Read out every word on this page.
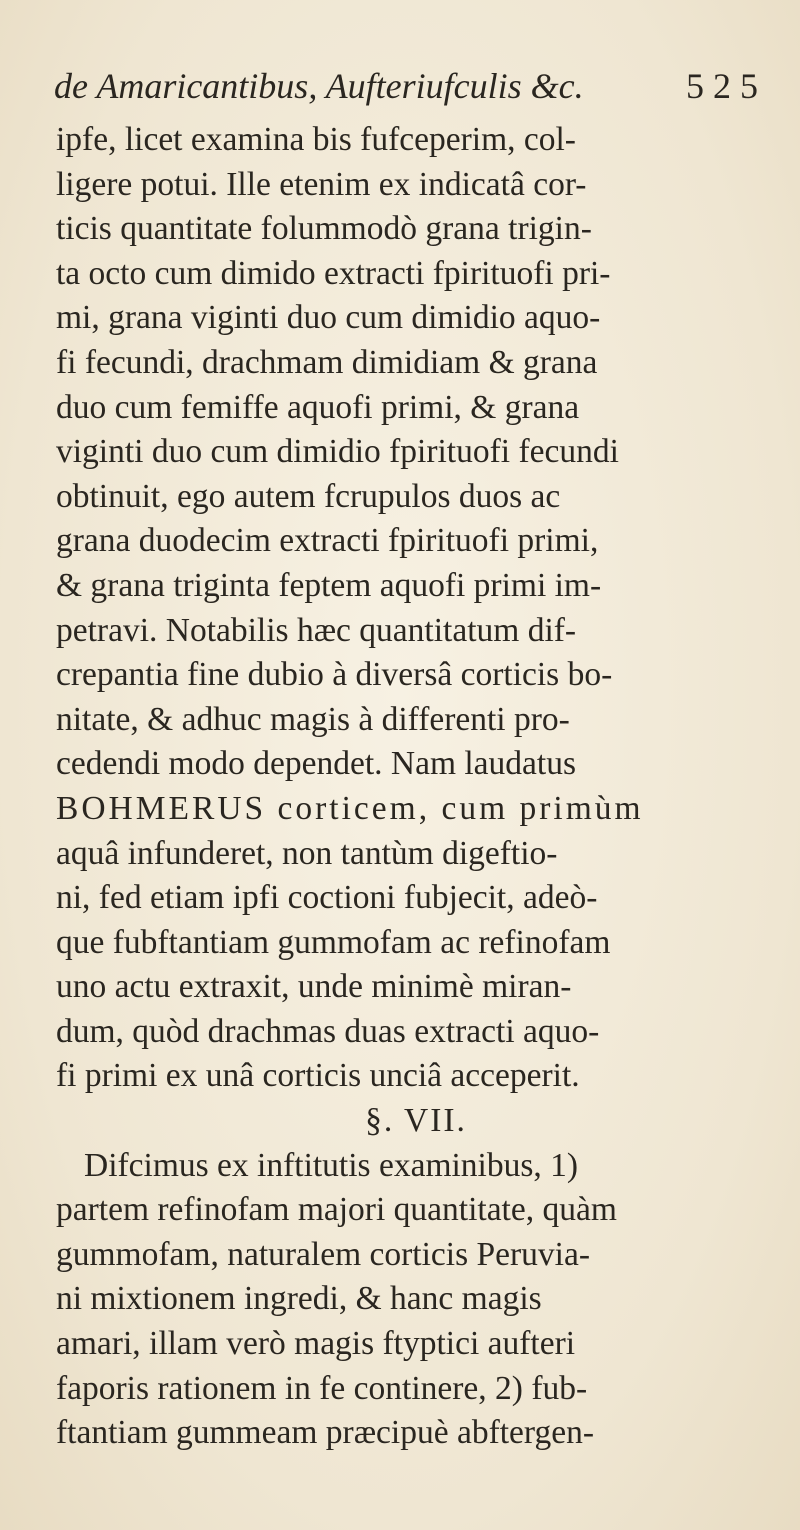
de Amaricantibus, Aufteriufculis &c.	5 2 5
ipfe, licet examina bis fufceperim, col-
ligere potui. Ille etenim ex indicatâ cor-
ticis quantitate folummodò grana trigin-
ta octo cum dimido extracti fpirituofi pri-
mi, grana viginti duo cum dimidio aquo-
fi fecundi, drachmam dimidiam & grana
duo cum femiffe aquofi primi, & grana
viginti duo cum dimidio fpirituofi fecundi
obtinuit, ego autem fcrupulos duos ac
grana duodecim extracti fpirituofi primi,
& grana triginta feptem aquofi primi im-
petravi. Notabilis hæc quantitatum dif-
crepantia fine dubio à diversâ corticis bo-
nitate, & adhuc magis à differenti pro-
cedendi modo dependet. Nam laudatus
BOHMERUS corticem, cum primùm
aquâ infunderet, non tantùm digeftio-
ni, fed etiam ipfi coctioni fubjecit, adeò-
que fubftantiam gummofam ac refinofam
uno actu extraxit, unde minimè miran-
dum, quòd drachmas duas extracti aquo-
fi primi ex unâ corticis unciâ acceperit.
§. VII.
Difcimus ex inftitutis examinibus, 1)
partem refinofam majori quantitate, quàm
gummofam, naturalem corticis Peruvia-
ni mixtionem ingredi, & hanc magis
amari, illam verò magis ftyptici aufteri
faporis rationem in fe continere, 2) fub-
ftantiam gummeam præcipuè abftergen-
